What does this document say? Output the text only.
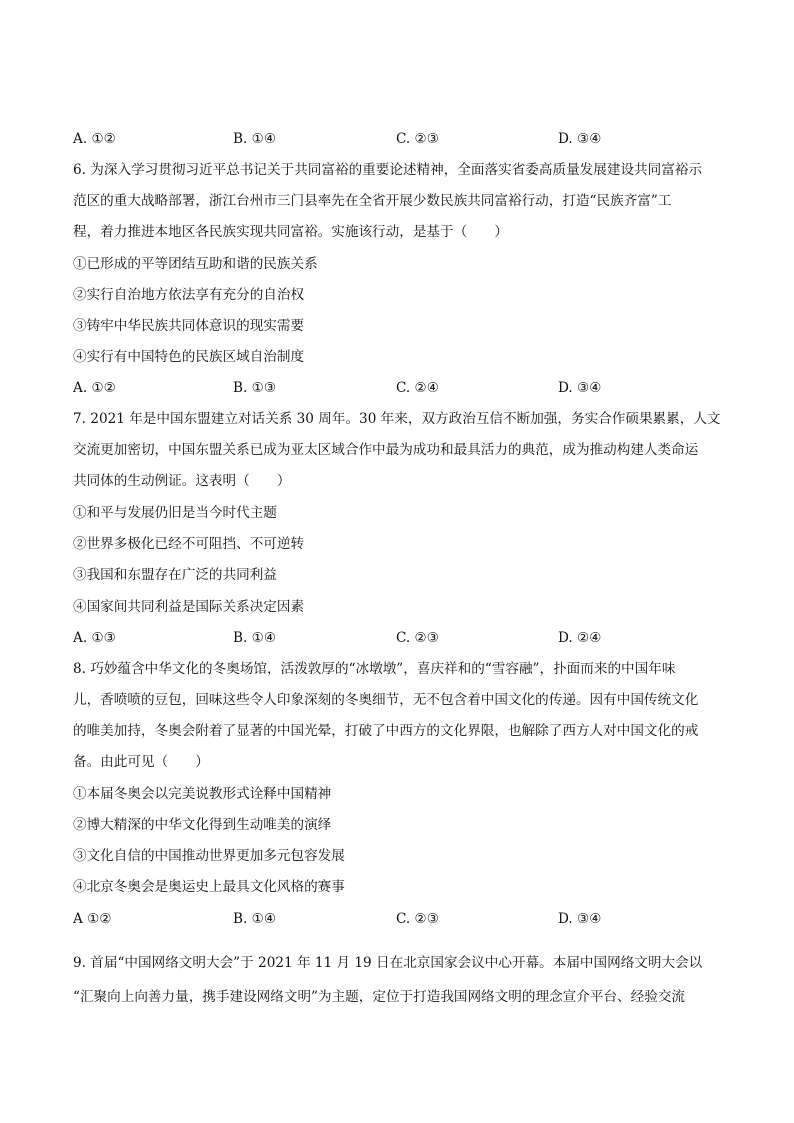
A. ①②	B. ①④	C. ②③	D. ③④
6. 为深入学习贯彻习近平总书记关于共同富裕的重要论述精神，全面落实省委高质量发展建设共同富裕示
范区的重大战略部署，浙江台州市三门县率先在全省开展少数民族共同富裕行动，打造“民族齐富”工
程，着力推进本地区各民族实现共同富裕。实施该行动，是基于（　　）
①已形成的平等团结互助和谐的民族关系
②实行自治地方依法享有充分的自治权
③铸牢中华民族共同体意识的现实需要
④实行有中国特色的民族区域自治制度
A. ①②	B. ①③	C. ②④	D. ③④
7. 2021 年是中国东盟建立对话关系 30 周年。30 年来，双方政治互信不断加强，务实合作硕果累累，人文
交流更加密切，中国东盟关系已成为亚太区域合作中最为成功和最具活力的典范，成为推动构建人类命运
共同体的生动例证。这表明（　　）
①和平与发展仍旧是当今时代主题
②世界多极化已经不可阻挡、不可逆转
③我国和东盟存在广泛的共同利益
④国家间共同利益是国际关系决定因素
A. ①③	B. ①④	C. ②③	D. ②④
8. 巧妙蕴含中华文化的冬奥场馆，活泼敦厚的“冰墩墩”，喜庆祥和的“雪容融”，扑面而来的中国年味
儿，香喷喷的豆包，回味这些令人印象深刻的冬奥细节，无不包含着中国文化的传递。因有中国传统文化
的唯美加持，冬奥会附着了显著的中国光晕，打破了中西方的文化界限，也解除了西方人对中国文化的戒
备。由此可见（　　）
①本届冬奥会以完美说教形式诠释中国精神
②博大精深的中华文化得到生动唯美的演绎
③文化自信的中国推动世界更加多元包容发展
④北京冬奥会是奥运史上最具文化风格的赛事
A ①②	B. ①④	C. ②③	D. ③④
9. 首届“中国网络文明大会”于 2021 年 11 月 19 日在北京国家会议中心开幕。本届中国网络文明大会以
“汇聚向上向善力量，携手建设网络文明”为主题，定位于打造我国网络文明的理念宣介平台、经验交流
